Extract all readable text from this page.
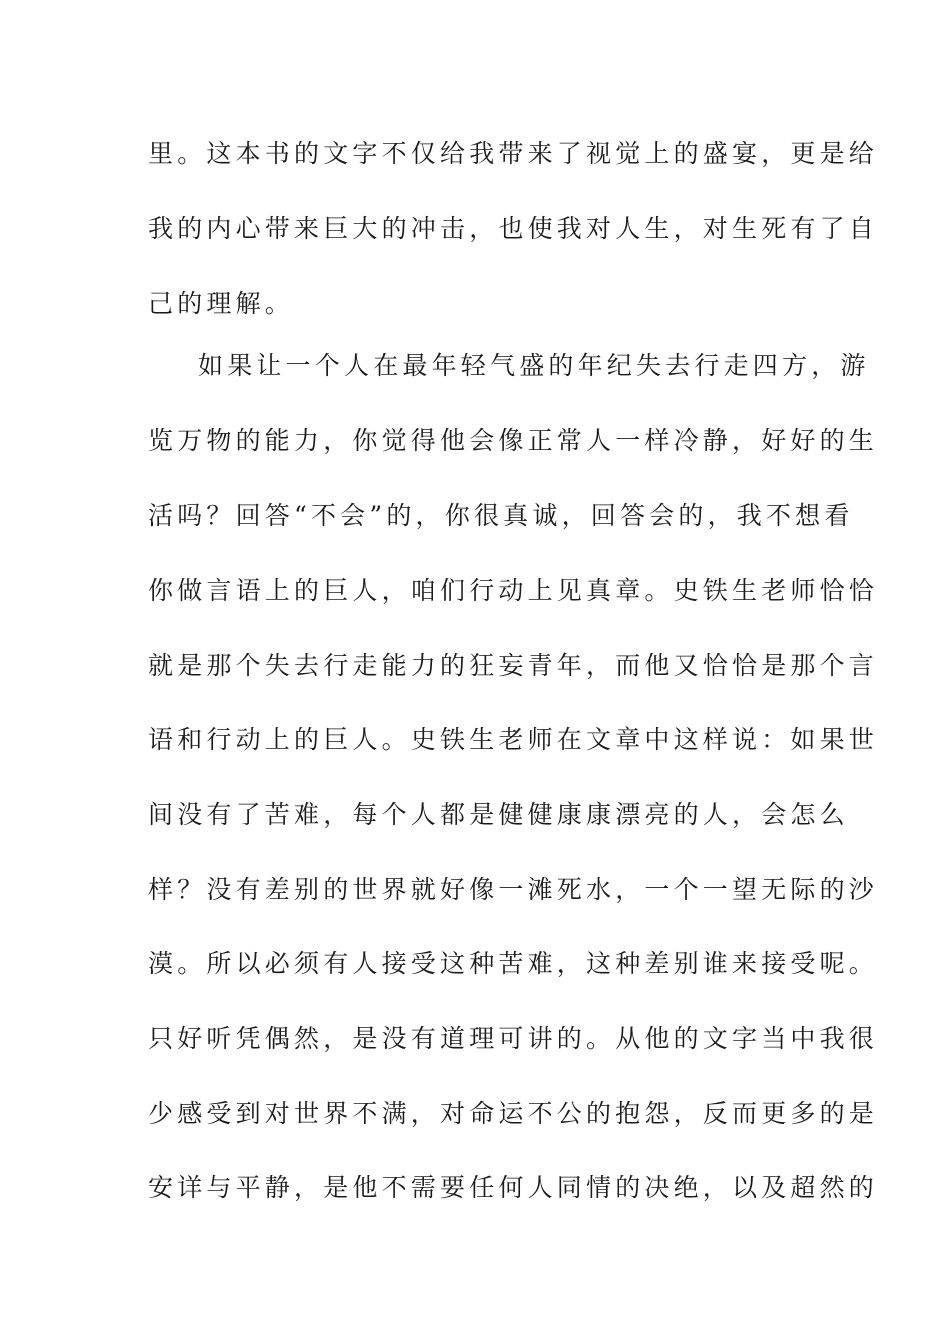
里。这本书的文字不仅给我带来了视觉上的盛宴，更是给
我的内心带来巨大的冲击，也使我对人生，对生死有了自
己的理解。
如果让一个人在最年轻气盛的年纪失去行走四方，游
览万物的能力，你觉得他会像正常人一样冷静，好好的生
活吗？回答“不会”的，你很真诚，回答会的，我不想看
你做言语上的巨人，咱们行动上见真章。史铁生老师恰恰
就是那个失去行走能力的狂妄青年，而他又恰恰是那个言
语和行动上的巨人。史铁生老师在文章中这样说：如果世
间没有了苦难，每个人都是健健康康漂亮的人，会怎么
样？没有差别的世界就好像一滩死水，一个一望无际的沙
漠。所以必须有人接受这种苦难，这种差别谁来接受呢。
只好听凭偶然，是没有道理可讲的。从他的文字当中我很
少感受到对世界不满，对命运不公的抱怨，反而更多的是
安详与平静，是他不需要任何人同情的决绝，以及超然的
